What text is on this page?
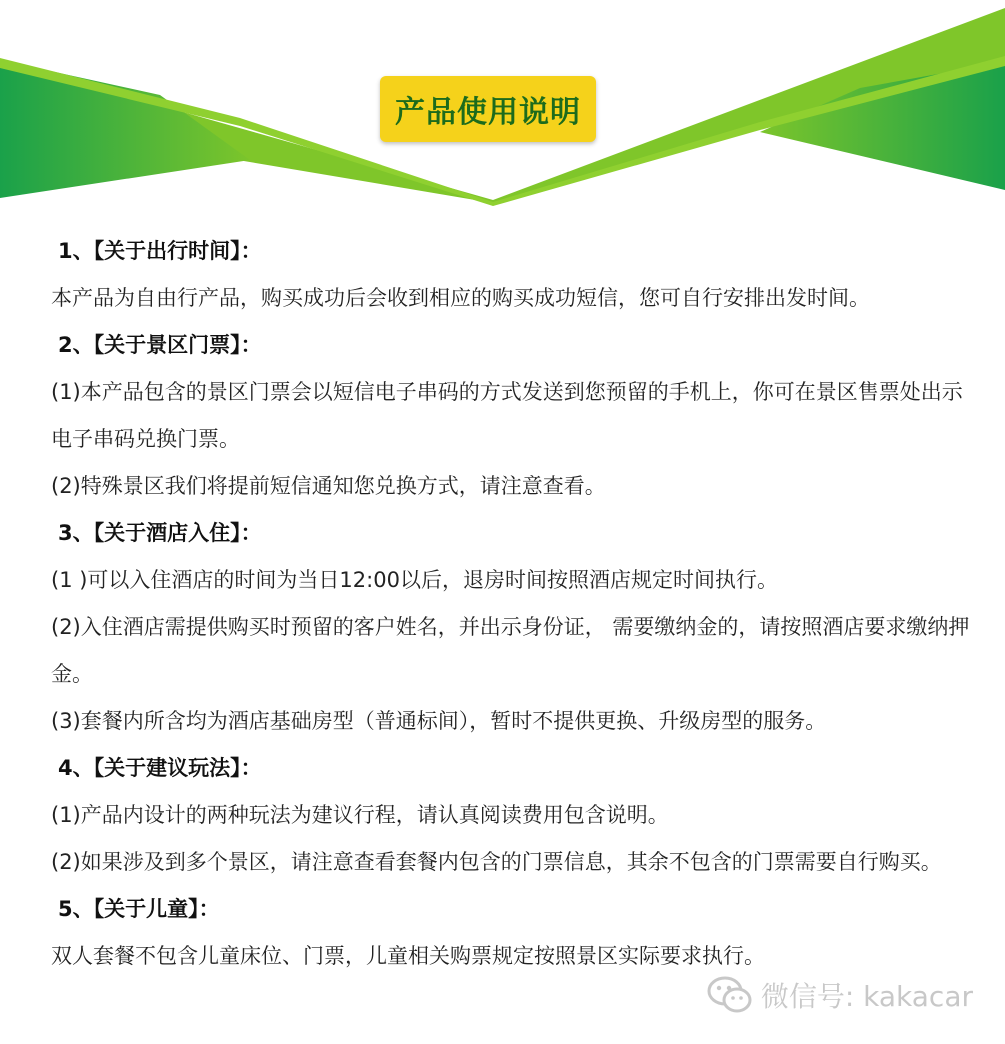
产品使用说明
1、【关于出行时间】：

本产品为自由行产品，购买成功后会收到相应的购买成功短信，您可自行安排出发时间。

2、【关于景区门票】：

(1)本产品包含的景区门票会以短信电子串码的方式发送到您预留的手机上，你可在景区售票处出示电子串码兑换门票。

(2)特殊景区我们将提前短信通知您兑换方式，请注意查看。

3、【关于酒店入住】：

(1 )可以入住酒店的时间为当日12:00以后，退房时间按照酒店规定时间执行。

(2)入住酒店需提供购买时预留的客户姓名，并出示身份证， 需要缴纳金的，请按照酒店要求缴纳押金。

(3)套餐内所含均为酒店基础房型（普通标间），暂时不提供更换、升级房型的服务。

4、【关于建议玩法】：

(1)产品内设计的两种玩法为建议行程，请认真阅读费用包含说明。

(2)如果涉及到多个景区，请注意查看套餐内包含的门票信息，其余不包含的门票需要自行购买。

5、【关于儿童】：

双人套餐不包含儿童床位、门票，儿童相关购票规定按照景区实际要求执行。

微信号: kakacar
